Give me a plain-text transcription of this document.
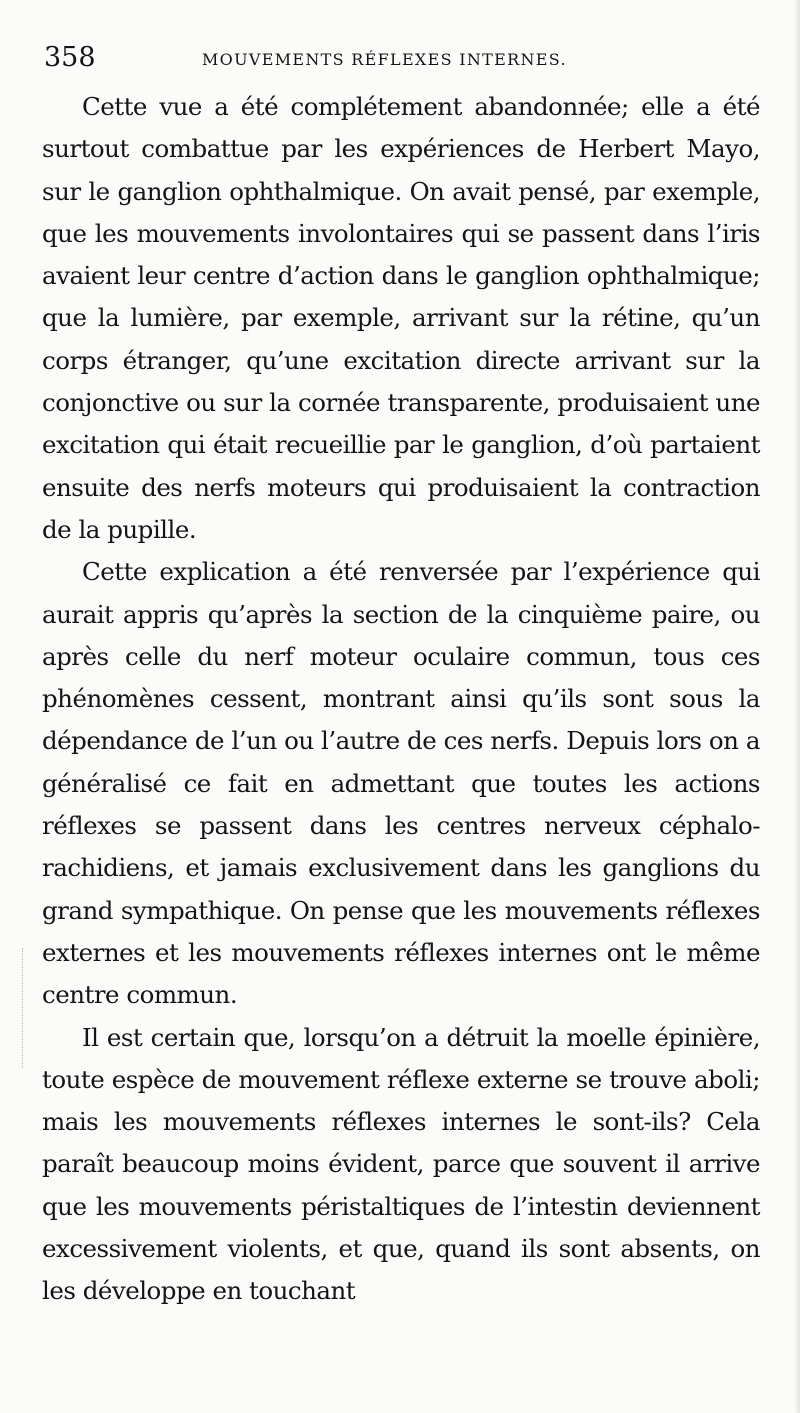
358	MOUVEMENTS RÉFLEXES INTERNES.

Cette vue a été complétement abandonnée; elle a été surtout combattue par les expériences de Herbert Mayo, sur le ganglion ophthalmique. On avait pensé, par exemple, que les mouvements involontaires qui se passent dans l’iris avaient leur centre d’action dans le ganglion ophthalmique; que la lumière, par exemple, arrivant sur la rétine, qu’un corps étranger, qu’une excitation directe arrivant sur la conjonctive ou sur la cornée transparente, produisaient une excitation qui était recueillie par le ganglion, d’où partaient ensuite des nerfs moteurs qui produisaient la contraction de la pupille.

Cette explication a été renversée par l’expérience qui aurait appris qu’après la section de la cinquième paire, ou après celle du nerf moteur oculaire commun, tous ces phénomènes cessent, montrant ainsi qu’ils sont sous la dépendance de l’un ou l’autre de ces nerfs. Depuis lors on a généralisé ce fait en admettant que toutes les actions réflexes se passent dans les centres nerveux céphalo-rachidiens, et jamais exclusivement dans les ganglions du grand sympathique. On pense que les mouvements réflexes externes et les mouvements réflexes internes ont le même centre commun.

Il est certain que, lorsqu’on a détruit la moelle épinière, toute espèce de mouvement réflexe externe se trouve aboli; mais les mouvements réflexes internes le sont-ils? Cela paraît beaucoup moins évident, parce que souvent il arrive que les mouvements péristaltiques de l’intestin deviennent excessivement violents, et que, quand ils sont absents, on les développe en touchant
